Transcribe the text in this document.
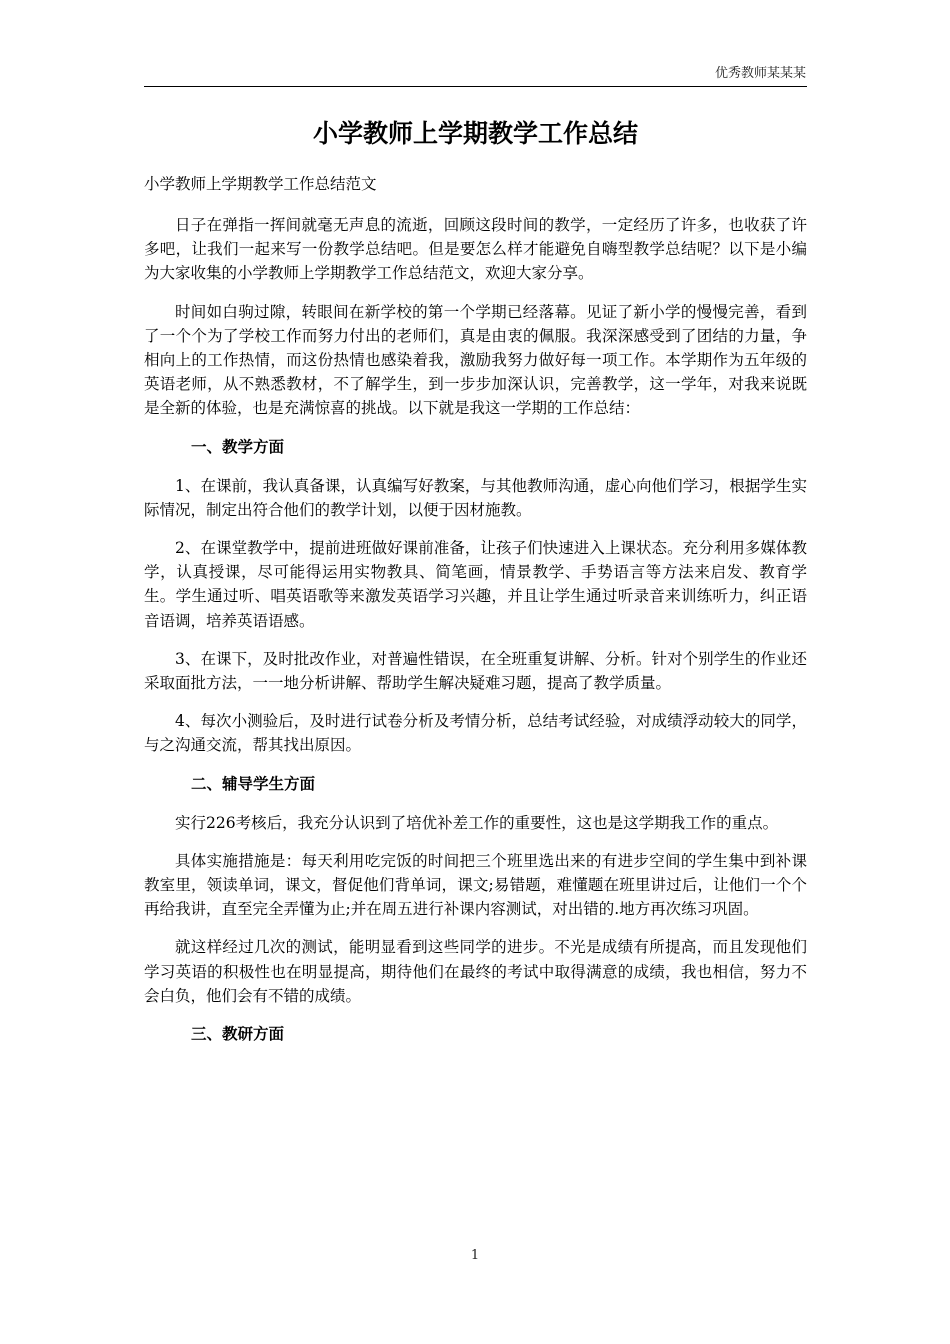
优秀教师某某某
小学教师上学期教学工作总结
小学教师上学期教学工作总结范文

日子在弹指一挥间就毫无声息的流逝，回顾这段时间的教学，一定经历了许多，也收获了许多吧，让我们一起来写一份教学总结吧。但是要怎么样才能避免自嗨型教学总结呢？以下是小编为大家收集的小学教师上学期教学工作总结范文，欢迎大家分享。

时间如白驹过隙，转眼间在新学校的第一个学期已经落幕。见证了新小学的慢慢完善，看到了一个个为了学校工作而努力付出的老师们，真是由衷的佩服。我深深感受到了团结的力量，争相向上的工作热情，而这份热情也感染着我，激励我努力做好每一项工作。本学期作为五年级的英语老师，从不熟悉教材，不了解学生，到一步步加深认识，完善教学，这一学年，对我来说既是全新的体验，也是充满惊喜的挑战。以下就是我这一学期的工作总结：

一、教学方面

1、在课前，我认真备课，认真编写好教案，与其他教师沟通，虚心向他们学习，根据学生实际情况，制定出符合他们的教学计划，以便于因材施教。

2、在课堂教学中，提前进班做好课前准备，让孩子们快速进入上课状态。充分利用多媒体教学，认真授课，尽可能得运用实物教具、简笔画，情景教学、手势语言等方法来启发、教育学生。学生通过听、唱英语歌等来激发英语学习兴趣，并且让学生通过听录音来训练听力，纠正语音语调，培养英语语感。

3、在课下，及时批改作业，对普遍性错误，在全班重复讲解、分析。针对个别学生的作业还采取面批方法，一一地分析讲解、帮助学生解决疑难习题，提高了教学质量。

4、每次小测验后，及时进行试卷分析及考情分析，总结考试经验，对成绩浮动较大的同学，与之沟通交流，帮其找出原因。

二、辅导学生方面

实行226考核后，我充分认识到了培优补差工作的重要性，这也是这学期我工作的重点。

具体实施措施是：每天利用吃完饭的时间把三个班里选出来的有进步空间的学生集中到补课教室里，领读单词，课文，督促他们背单词，课文;易错题，难懂题在班里讲过后，让他们一个个再给我讲，直至完全弄懂为止;并在周五进行补课内容测试，对出错的.地方再次练习巩固。

就这样经过几次的测试，能明显看到这些同学的进步。不光是成绩有所提高，而且发现他们学习英语的积极性也在明显提高，期待他们在最终的考试中取得满意的成绩，我也相信，努力不会白负，他们会有不错的成绩。

三、教研方面
1
